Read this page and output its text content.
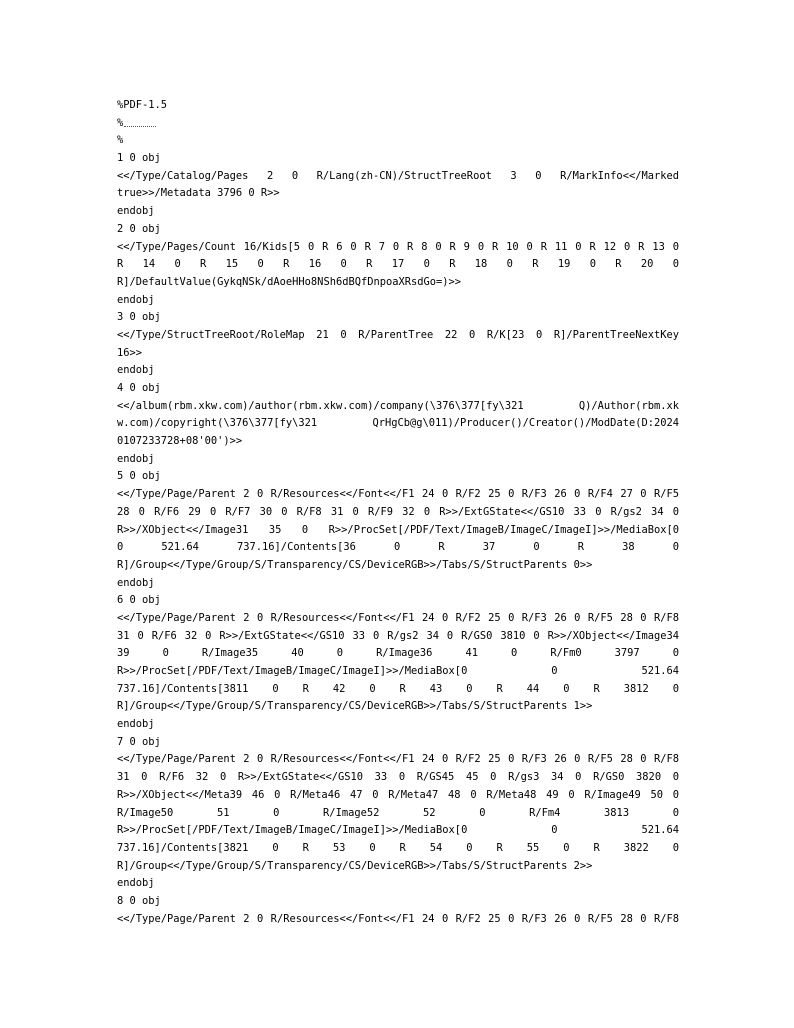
%PDF-1.5
%
%
1 0 obj
<</Type/Catalog/Pages 2 0 R/Lang(zh-CN)/StructTreeRoot 3 0 R/MarkInfo<</Marked
true>>/Metadata 3796 0 R>>
endobj
2 0 obj
<</Type/Pages/Count 16/Kids[5 0 R 6 0 R 7 0 R 8 0 R 9 0 R 10 0 R 11 0 R 12 0 R 13 0
R 14 0 R 15 0 R 16 0 R 17 0 R 18 0 R 19 0 R 20 0
R]/DefaultValue(GykqNSk/dAoeHHo8NSh6dBQfDnpoaXRsdGo=)>>
endobj
3 0 obj
<</Type/StructTreeRoot/RoleMap 21 0 R/ParentTree 22 0 R/K[23 0 R]/ParentTreeNextKey
16>>
endobj
4 0 obj
<</album(rbm.xkw.com)/author(rbm.xkw.com)/company(\376\377[fy\321 Q)/Author(rbm.xk
w.com)/copyright(\376\377[fy\321 QrHgCb@g\011)/Producer()/Creator()/ModDate(D:2024
0107233728+08'00')>>
endobj
5 0 obj
<</Type/Page/Parent 2 0 R/Resources<</Font<</F1 24 0 R/F2 25 0 R/F3 26 0 R/F4 27 0 R/F5
28 0 R/F6 29 0 R/F7 30 0 R/F8 31 0 R/F9 32 0 R>>/ExtGState<</GS10 33 0 R/gs2 34 0
R>>/XObject<</Image31 35 0 R>>/ProcSet[/PDF/Text/ImageB/ImageC/ImageI]>>/MediaBox[0
0 521.64 737.16]/Contents[36 0 R 37 0 R 38 0
R]/Group<</Type/Group/S/Transparency/CS/DeviceRGB>>/Tabs/S/StructParents 0>>
endobj
6 0 obj
<</Type/Page/Parent 2 0 R/Resources<</Font<</F1 24 0 R/F2 25 0 R/F3 26 0 R/F5 28 0 R/F8
31 0 R/F6 32 0 R>>/ExtGState<</GS10 33 0 R/gs2 34 0 R/GS0 3810 0 R>>/XObject<</Image34
39 0 R/Image35 40 0 R/Image36 41 0 R/Fm0 3797 0
R>>/ProcSet[/PDF/Text/ImageB/ImageC/ImageI]>>/MediaBox[0 0 521.64
737.16]/Contents[3811 0 R 42 0 R 43 0 R 44 0 R 3812 0
R]/Group<</Type/Group/S/Transparency/CS/DeviceRGB>>/Tabs/S/StructParents 1>>
endobj
7 0 obj
<</Type/Page/Parent 2 0 R/Resources<</Font<</F1 24 0 R/F2 25 0 R/F3 26 0 R/F5 28 0 R/F8
31 0 R/F6 32 0 R>>/ExtGState<</GS10 33 0 R/GS45 45 0 R/gs3 34 0 R/GS0 3820 0
R>>/XObject<</Meta39 46 0 R/Meta46 47 0 R/Meta47 48 0 R/Meta48 49 0 R/Image49 50 0
R/Image50 51 0 R/Image52 52 0 R/Fm4 3813 0
R>>/ProcSet[/PDF/Text/ImageB/ImageC/ImageI]>>/MediaBox[0 0 521.64
737.16]/Contents[3821 0 R 53 0 R 54 0 R 55 0 R 3822 0
R]/Group<</Type/Group/S/Transparency/CS/DeviceRGB>>/Tabs/S/StructParents 2>>
endobj
8 0 obj
<</Type/Page/Parent 2 0 R/Resources<</Font<</F1 24 0 R/F2 25 0 R/F3 26 0 R/F5 28 0 R/F8
